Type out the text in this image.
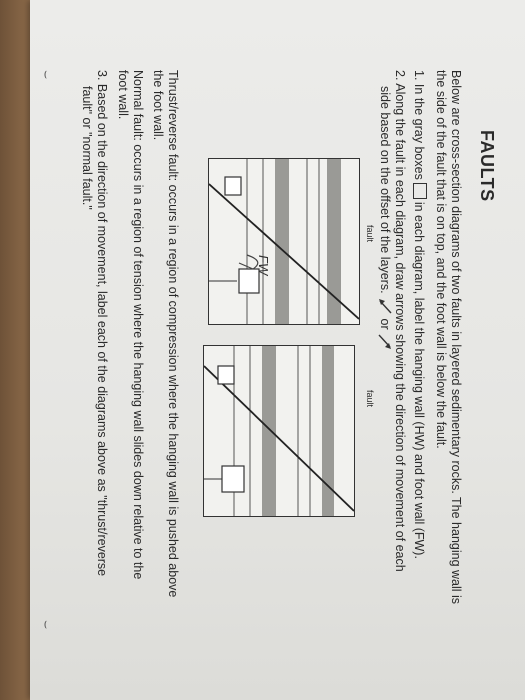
⌣
⌣
FAULTS
Below are cross-section diagrams of two faults in layered sedimentary rocks. The hanging wall is
the side of the fault that is on top, and the foot wall is below the fault.
1. In the gray boxesin each diagram, label the hanging wall (HW) and foot wall (FW).
2. Along the fault in each diagram, draw arrows showing the direction of movement of each
side based on the offset of the layers.  or
fault
FW
fault
Thrust/reverse fault: occurs in a region of compression where the hanging wall is pushed above
the foot wall.
Normal fault: occurs in a region of tension where the hanging wall slides down relative to the
foot wall.
3. Based on the direction of movement, label each of the diagrams above as "thrust/reverse
fault" or "normal fault."
